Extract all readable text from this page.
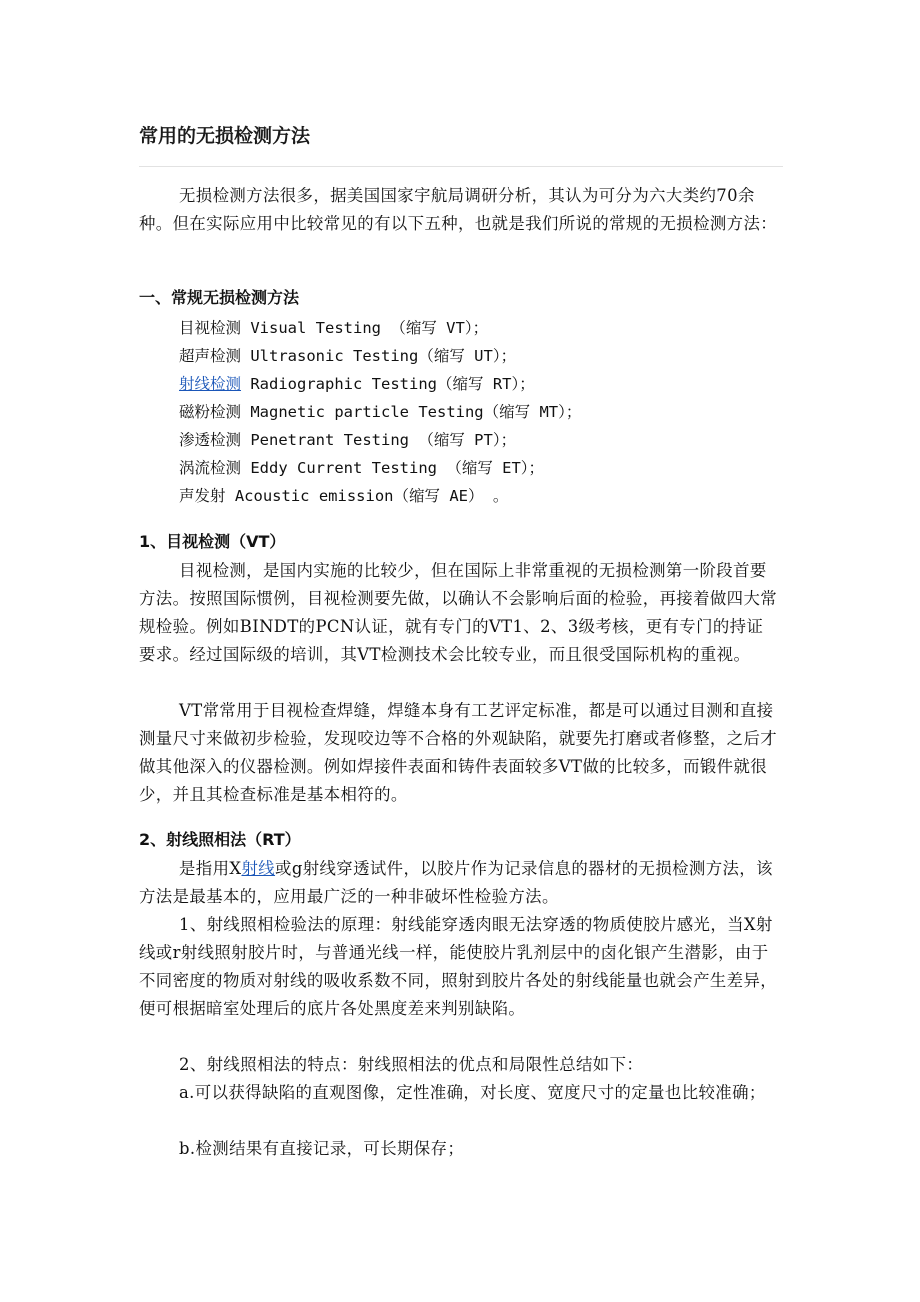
常用的无损检测方法
无损检测方法很多，据美国国家宇航局调研分析，其认为可分为六大类约70余种。但在实际应用中比较常见的有以下五种，也就是我们所说的常规的无损检测方法：
一、常规无损检测方法
目视检测 Visual Testing （缩写 VT）；
超声检测 Ultrasonic Testing（缩写 UT）；
射线检测 Radiographic Testing（缩写 RT）；
磁粉检测 Magnetic particle Testing（缩写 MT）；
渗透检测 Penetrant Testing （缩写 PT）；
涡流检测 Eddy Current Testing （缩写 ET）；
声发射 Acoustic emission（缩写 AE） 。
1、目视检测（VT）
目视检测，是国内实施的比较少，但在国际上非常重视的无损检测第一阶段首要方法。按照国际惯例，目视检测要先做，以确认不会影响后面的检验，再接着做四大常规检验。例如BINDT的PCN认证，就有专门的VT1、2、3级考核，更有专门的持证要求。经过国际级的培训，其VT检测技术会比较专业，而且很受国际机构的重视。
VT常常用于目视检查焊缝，焊缝本身有工艺评定标准，都是可以通过目测和直接测量尺寸来做初步检验，发现咬边等不合格的外观缺陷，就要先打磨或者修整，之后才做其他深入的仪器检测。例如焊接件表面和铸件表面较多VT做的比较多，而锻件就很少，并且其检查标准是基本相符的。
2、射线照相法（RT）
是指用X射线或g射线穿透试件，以胶片作为记录信息的器材的无损检测方法，该方法是最基本的，应用最广泛的一种非破坏性检验方法。
1、射线照相检验法的原理：射线能穿透肉眼无法穿透的物质使胶片感光，当X射线或r射线照射胶片时，与普通光线一样，能使胶片乳剂层中的卤化银产生潜影，由于不同密度的物质对射线的吸收系数不同，照射到胶片各处的射线能量也就会产生差异，便可根据暗室处理后的底片各处黑度差来判别缺陷。
2、射线照相法的特点：射线照相法的优点和局限性总结如下：
a.可以获得缺陷的直观图像，定性准确，对长度、宽度尺寸的定量也比较准确；
b.检测结果有直接记录，可长期保存；
